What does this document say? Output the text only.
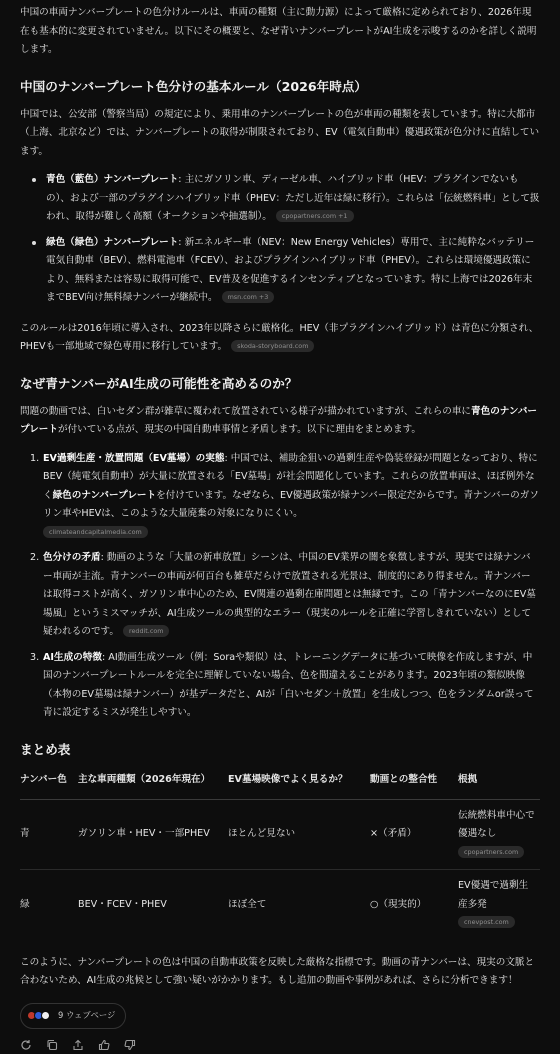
中国の車両ナンバープレートの色分けルールは、車両の種類（主に動力源）によって厳格に定められており、2026年現在も基本的に変更されていません。以下にその概要と、なぜ青いナンバープレートがAI生成を示唆するのかを詳しく説明します。

中国のナンバープレート色分けの基本ルール（2026年時点）

中国では、公安部（警察当局）の規定により、乗用車のナンバープレートの色が車両の種類を表しています。特に大都市（上海、北京など）では、ナンバープレートの取得が制限されており、EV（電気自動車）優遇政策が色分けに直結しています。

青色（藍色）ナンバープレート: 主にガソリン車、ディーゼル車、ハイブリッド車（HEV：プラグインでないもの）、および一部のプラグインハイブリッド車（PHEV：ただし近年は緑に移行）。これらは「伝統燃料車」として扱われ、取得が難しく高額（オークションや抽選制）。 cpopartners.com +1
緑色（緑色）ナンバープレート: 新エネルギー車（NEV：New Energy Vehicles）専用で、主に純粋なバッテリー電気自動車（BEV）、燃料電池車（FCEV）、およびプラグインハイブリッド車（PHEV）。これらは環境優遇政策により、無料または容易に取得可能で、EV普及を促進するインセンティブとなっています。特に上海では2026年末までBEV向け無料緑ナンバーが継続中。 msn.com +3

このルールは2016年頃に導入され、2023年以降さらに厳格化。HEV（非プラグインハイブリッド）は青色に分類され、PHEVも一部地域で緑色専用に移行しています。 skoda-storyboard.com

なぜ青ナンバーがAI生成の可能性を高めるのか？

問題の動画では、白いセダン群が雑草に覆われて放置されている様子が描かれていますが、これらの車に青色のナンバープレートが付いている点が、現実の中国自動車事情と矛盾します。以下に理由をまとめます。

1. EV過剰生産・放置問題（EV墓場）の実態: 中国では、補助金狙いの過剰生産や偽装登録が問題となっており、特にBEV（純電気自動車）が大量に放置される「EV墓場」が社会問題化しています。これらの放置車両は、ほぼ例外なく緑色のナンバープレートを付けています。なぜなら、EV優遇政策が緑ナンバー限定だからです。青ナンバーのガソリン車やHEVは、このような大量廃棄の対象になりにくい。
climateandcapitalmedia.com
2. 色分けの矛盾: 動画のような「大量の新車放置」シーンは、中国のEV業界の闇を象徴しますが、現実では緑ナンバー車両が主流。青ナンバーの車両が何百台も雑草だらけで放置される光景は、制度的にあり得ません。青ナンバーは取得コストが高く、ガソリン車中心のため、EV関連の過剰在庫問題とは無縁です。この「青ナンバーなのにEV墓場風」というミスマッチが、AI生成ツールの典型的なエラー（現実のルールを正確に学習しきれていない）として疑われるのです。 reddit.com
3. AI生成の特徴: AI動画生成ツール（例：Soraや類似）は、トレーニングデータに基づいて映像を作成しますが、中国のナンバープレートルールを完全に理解していない場合、色を間違えることがあります。2023年頃の類似映像（本物のEV墓場は緑ナンバー）が基データだと、AIが「白いセダン＋放置」を生成しつつ、色をランダムor誤って青に設定するミスが発生しやすい。
まとめ表
ナンバー色	主な車両種類（2026年現在）	EV墓場映像でよく見るか？	動画との整合性	根拠
青	ガソリン車・HEV・一部PHEV	ほとんど見ない	×（矛盾）	伝統燃料車中心で優遇なし
cpopartners.com
緑	BEV・FCEV・PHEV	ほぼ全て	○（現実的）	EV優遇で過剰生産多発
cnevpost.com

このように、ナンバープレートの色は中国の自動車政策を反映した厳格な指標です。動画の青ナンバーは、現実の文脈と合わないため、AI生成の兆候として強い疑いがかかります。もし追加の動画や事例があれば、さらに分析できます！

9 ウェブページ
